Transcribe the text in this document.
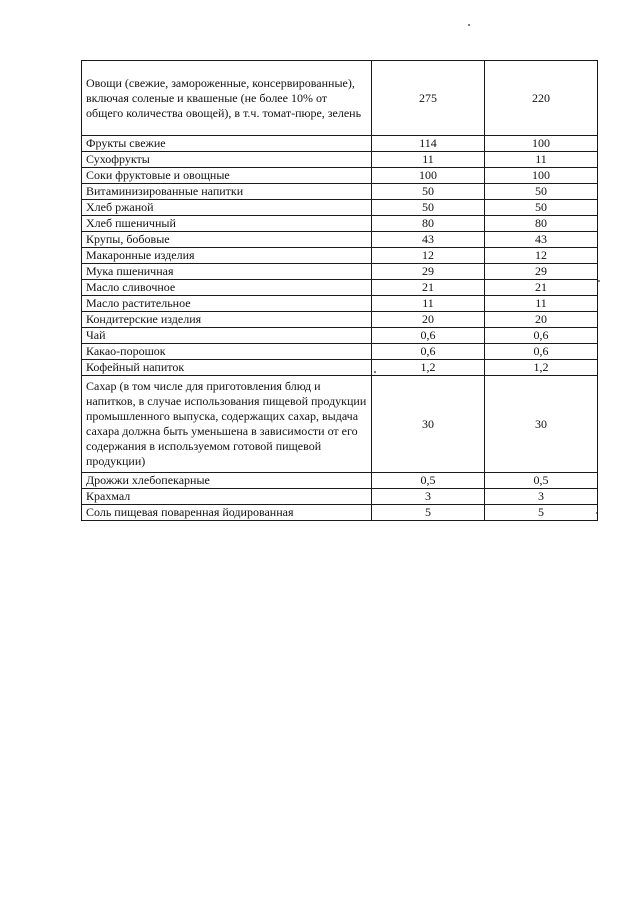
Овощи (свежие, замороженные, консервированные), включая соленые и квашеные (не более 10% от общего количества овощей), в т.ч. томат-пюре, зелень	275	220
Фрукты свежие	114	100
Сухофрукты	11	11
Соки фруктовые и овощные	100	100
Витаминизированные напитки	50	50
Хлеб ржаной	50	50
Хлеб пшеничный	80	80
Крупы, бобовые	43	43
Макаронные изделия	12	12
Мука пшеничная	29	29
Масло сливочное	21	21
Масло растительное	11	11
Кондитерские изделия	20	20
Чай	0,6	0,6
Какао-порошок	0,6	0,6
Кофейный напиток	1,2	1,2
Сахар (в том числе для приготовления блюд и напитков, в случае использования пищевой продукции промышленного выпуска, содержащих сахар, выдача сахара должна быть уменьшена в зависимости от его содержания в используемом готовой пищевой продукции)	30	30
Дрожжи хлебопекарные	0,5	0,5
Крахмал	3	3
Соль пищевая поваренная йодированная	5	5
